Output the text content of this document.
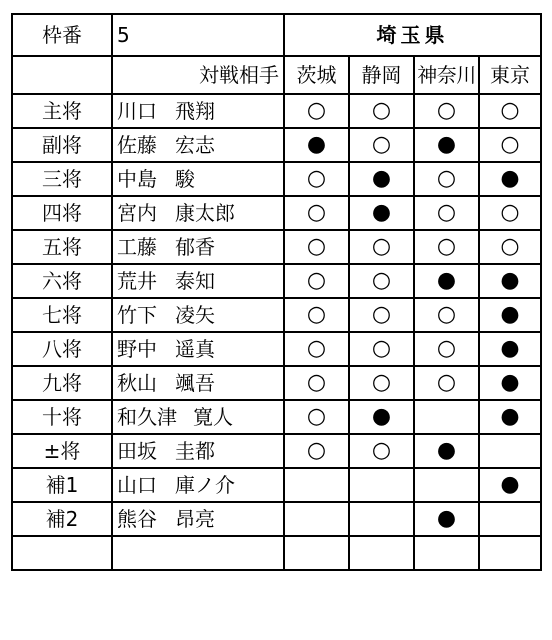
枠番	5	埼玉県			
	対戦相手	茨城	静岡	神奈川	東京
主将	川口 飛翔	○	○	○	○
副将	佐藤 宏志	●	○	●	○
三将	中島 駿	○	●	○	●
四将	宮内 康太郎	○	●	○	○
五将	工藤 郁香	○	○	○	○
六将	荒井 泰知	○	○	●	●
七将	竹下 凌矢	○	○	○	●
八将	野中 遥真	○	○	○	●
九将	秋山 颯吾	○	○	○	●
十将	和久津 寛人	○	●		●
±将	田坂 圭都	○	○	●	
補1	山口 庫ノ介				●
補2	熊谷 昂亮			●	
